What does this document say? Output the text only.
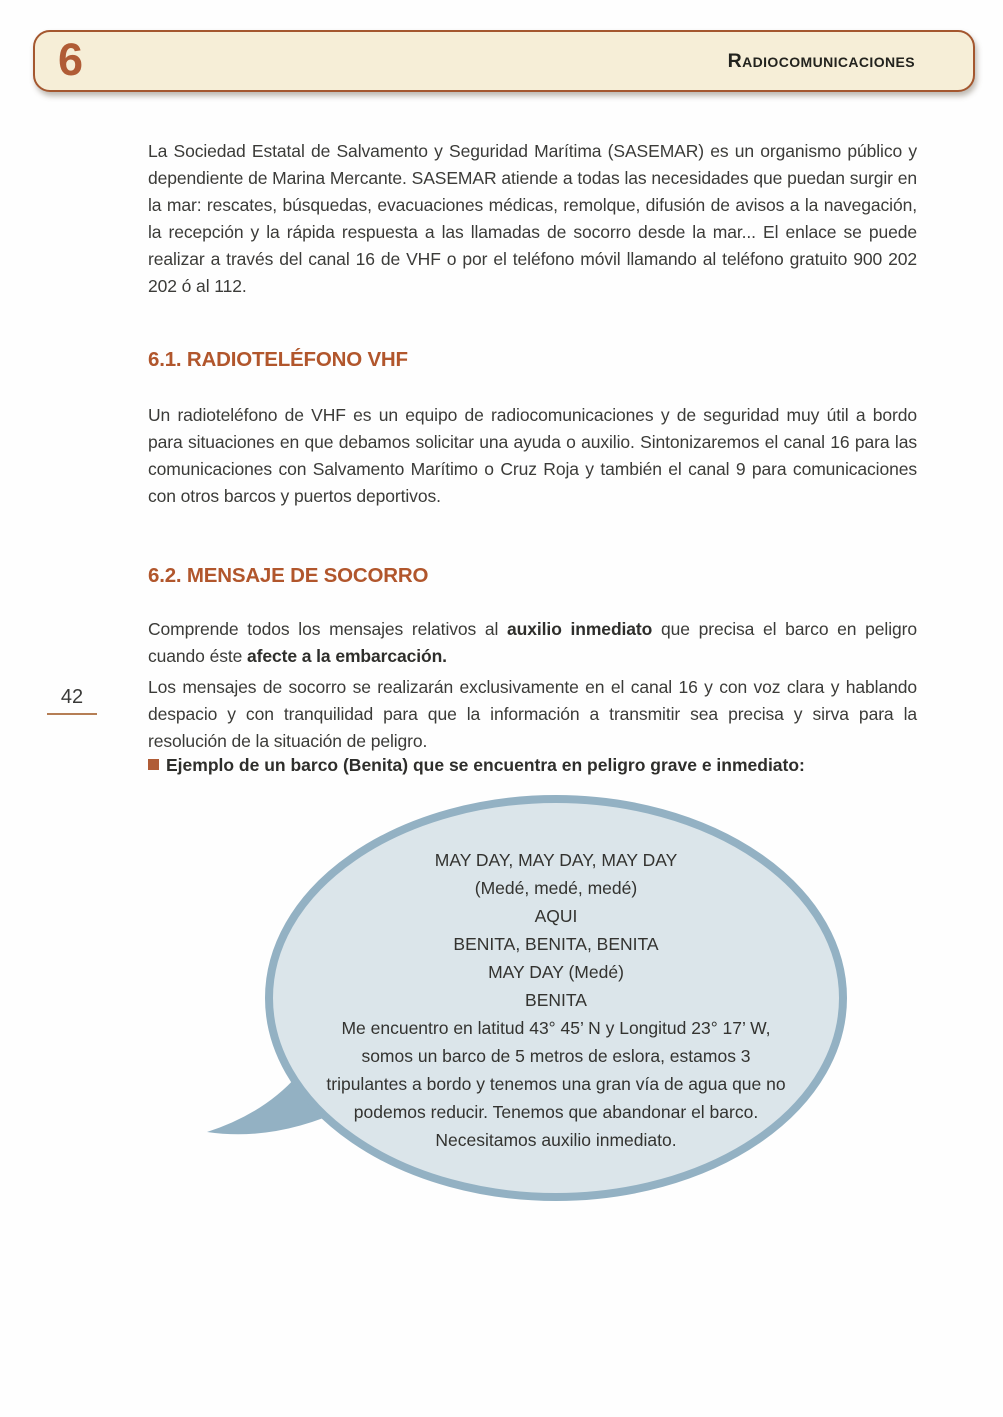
6	Radiocomunicaciones
La Sociedad Estatal de Salvamento y Seguridad Marítima (SASEMAR) es un organismo público y dependiente de Marina Mercante. SASEMAR atiende a todas las necesidades que puedan surgir en la mar: rescates, búsquedas, evacuaciones médicas, remolque, difusión de avisos a la navegación, la recepción y la rápida respuesta a las llamadas de socorro desde la mar... El enlace se puede realizar a través del canal 16 de VHF o por el teléfono móvil llamando al teléfono gratuito 900 202 202 ó al 112.
6.1. RADIOTELÉFONO VHF
Un radioteléfono de VHF es un equipo de radiocomunicaciones y de seguridad muy útil a bordo para situaciones en que debamos solicitar una ayuda o auxilio. Sintonizaremos el canal 16 para las comunicaciones con Salvamento Marítimo o Cruz Roja y también el canal 9 para comunicaciones con otros barcos y puertos deportivos.
6.2. MENSAJE DE SOCORRO
Comprende todos los mensajes relativos al auxilio inmediato que precisa el barco en peligro cuando éste afecte a la embarcación.
Los mensajes de socorro se realizarán exclusivamente en el canal 16 y con voz clara y hablando despacio y con tranquilidad para que la información a transmitir sea precisa y sirva para la resolución de la situación de peligro.
Ejemplo de un barco (Benita) que se encuentra en peligro grave e inmediato:
42
MAY DAY, MAY DAY, MAY DAY
(Medé, medé, medé)
AQUI
BENITA, BENITA, BENITA
MAY DAY (Medé)
BENITA
Me encuentro en latitud 43° 45’ N y Longitud 23° 17’ W, somos un barco de 5 metros de eslora, estamos 3 tripulantes a bordo y tenemos una gran vía de agua que no podemos reducir. Tenemos que abandonar el barco. Necesitamos auxilio inmediato.
